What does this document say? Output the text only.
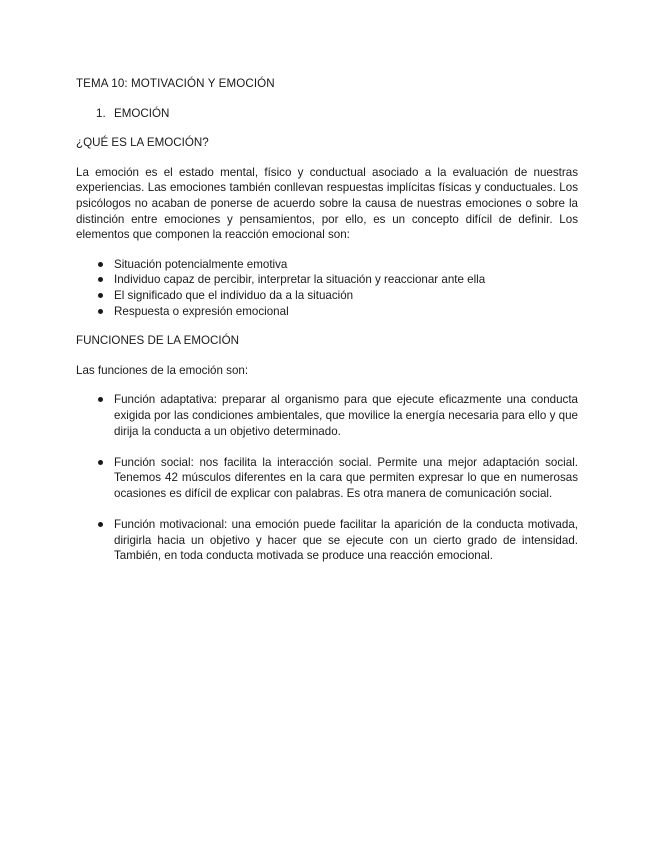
TEMA 10: MOTIVACIÓN Y EMOCIÓN
1. EMOCIÓN
¿QUÉ ES LA EMOCIÓN?

La emoción es el estado mental, físico y conductual asociado a la evaluación de nuestras experiencias. Las emociones también conllevan respuestas implícitas físicas y conductuales. Los psicólogos no acaban de ponerse de acuerdo sobre la causa de nuestras emociones o sobre la distinción entre emociones y pensamientos, por ello, es un concepto difícil de definir. Los elementos que componen la reacción emocional son:

Situación potencialmente emotiva
Individuo capaz de percibir, interpretar la situación y reaccionar ante ella
El significado que el individuo da a la situación
Respuesta o expresión emocional
FUNCIONES DE LA EMOCIÓN

Las funciones de la emoción son:

Función adaptativa: preparar al organismo para que ejecute eficazmente una conducta exigida por las condiciones ambientales, que movilice la energía necesaria para ello y que dirija la conducta a un objetivo determinado.
Función social: nos facilita la interacción social. Permite una mejor adaptación social. Tenemos 42 músculos diferentes en la cara que permiten expresar lo que en numerosas ocasiones es difícil de explicar con palabras. Es otra manera de comunicación social.
Función motivacional: una emoción puede facilitar la aparición de la conducta motivada, dirigirla hacia un objetivo y hacer que se ejecute con un cierto grado de intensidad. También, en toda conducta motivada se produce una reacción emocional.
